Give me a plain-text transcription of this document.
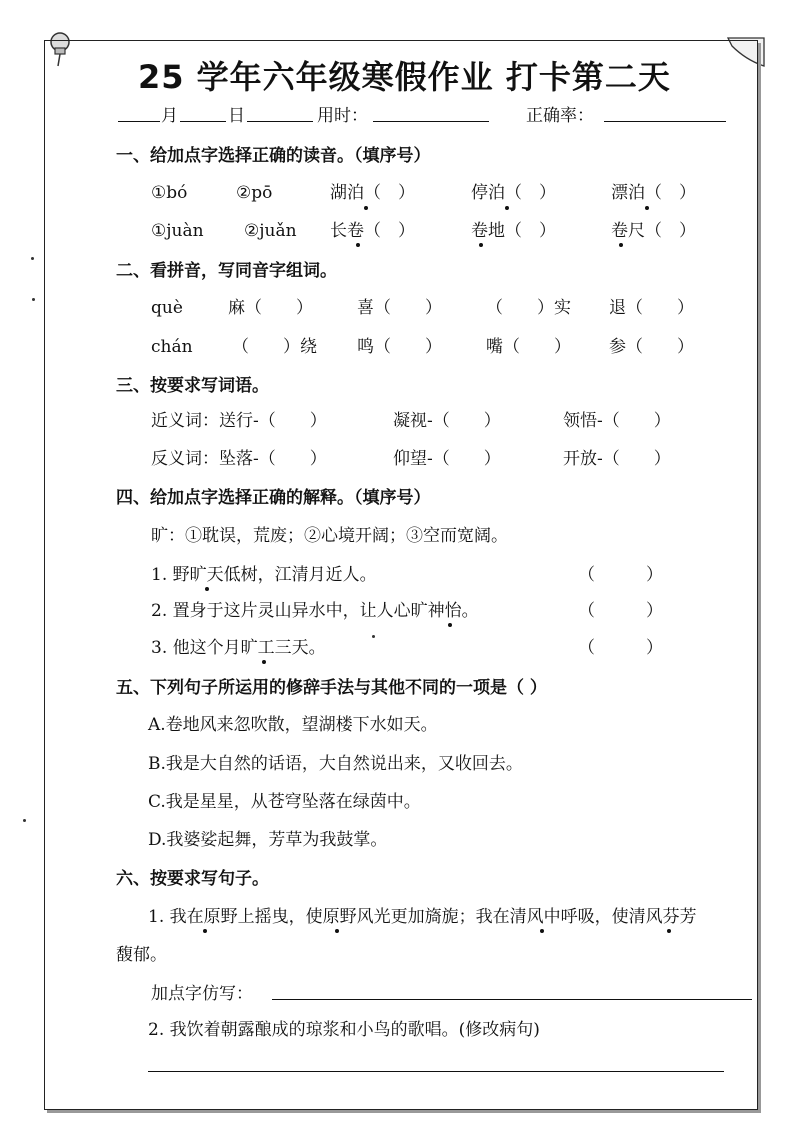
25 学年六年级寒假作业 打卡第二天
月	日	用时：	正确率：
一、给加点字选择正确的读音。（填序号）
①bó	②pō	湖泊（　）	停泊（　）	漂泊（　）
①juàn ②juǎn 长卷（　）	卷地（　）	卷尺（　）
二、看拼音，写同音字组词。
què	麻（　　）	喜（　　）	（　　）实 退（　　）
chán （　　）绕 鸣（　　）	嘴（　　） 参（　　）
三、按要求写词语。
近义词：送行-（　　）	凝视-（　　）	领悟-（　　）
反义词：坠落-（　　）	仰望-（　　）	开放-（　　）
四、给加点字选择正确的解释。（填序号）
旷：①耽误，荒废；②心境开阔；③空而宽阔。
1. 野旷天低树，江清月近人。	（　　　）
2. 置身于这片灵山异水中，让人心旷神怡。	（　　　）
3. 他这个月旷工三天。	（　　　）
五、下列句子所运用的修辞手法与其他不同的一项是（ ）
A.卷地风来忽吹散，望湖楼下水如天。
B.我是大自然的话语，大自然说出来，又收回去。
C.我是星星，从苍穹坠落在绿茵中。
D.我婆娑起舞，芳草为我鼓掌。
六、按要求写句子。
1. 我在原野上摇曳，使原野风光更加旖旎；我在清风中呼吸，使清风芬芳
馥郁。
加点字仿写：
2. 我饮着朝露酿成的琼浆和小鸟的歌唱。(修改病句)
